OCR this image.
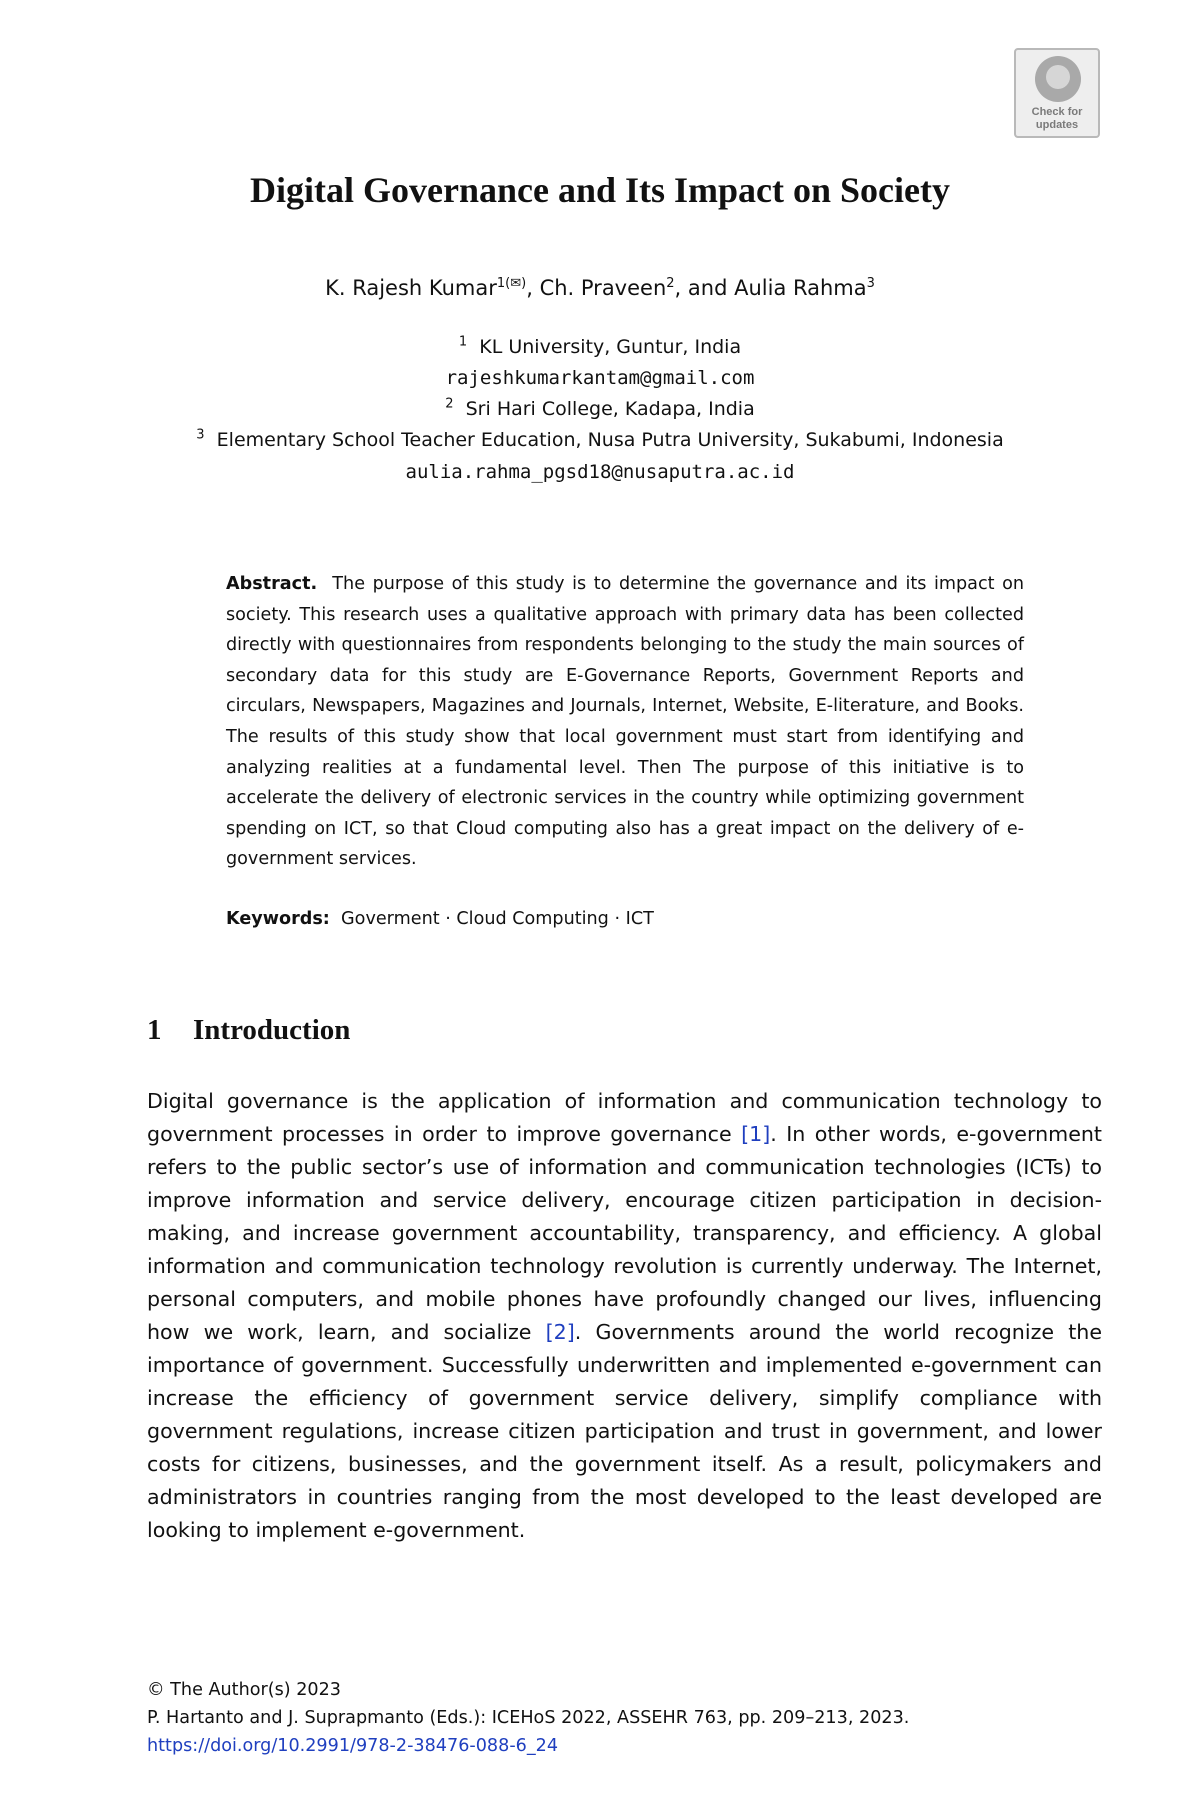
Check for updates
Digital Governance and Its Impact on Society
K. Rajesh Kumar$^{1(✉)}$, Ch. Praveen$^2$, and Aulia Rahma$^3$
$^1$ KL University, Guntur, India
rajeshkumarkantam@gmail.com
$^2$ Sri Hari College, Kadapa, India
$^3$ Elementary School Teacher Education, Nusa Putra University, Sukabumi, Indonesia
aulia.rahma_pgsd18@nusaputra.ac.id

Abstract. The purpose of this study is to determine the governance and its impact on society. This research uses a qualitative approach with primary data has been collected directly with questionnaires from respondents belonging to the study the main sources of secondary data for this study are E-Governance Reports, Government Reports and circulars, Newspapers, Magazines and Journals, Internet, Website, E-literature, and Books. The results of this study show that local government must start from identifying and analyzing realities at a fundamental level. Then The purpose of this initiative is to accelerate the delivery of electronic services in the country while optimizing government spending on ICT, so that Cloud computing also has a great impact on the delivery of e-government services.

Keywords: Goverment · Cloud Computing · ICT

1 Introduction

Digital governance is the application of information and communication technology to government processes in order to improve governance [1]. In other words, e-government refers to the public sector’s use of information and communication technologies (ICTs) to improve information and service delivery, encourage citizen participation in decision-making, and increase government accountability, transparency, and efficiency. A global information and communication technology revolution is currently underway. The Internet, personal computers, and mobile phones have profoundly changed our lives, influencing how we work, learn, and socialize [2]. Governments around the world recognize the importance of government. Successfully underwritten and implemented e-government can increase the efficiency of government service delivery, simplify compliance with government regulations, increase citizen participation and trust in government, and lower costs for citizens, businesses, and the government itself. As a result, policymakers and administrators in countries ranging from the most developed to the least developed are looking to implement e-government.

© The Author(s) 2023
P. Hartanto and J. Suprapmanto (Eds.): ICEHoS 2022, ASSEHR 763, pp. 209–213, 2023.
https://doi.org/10.2991/978-2-38476-088-6_24
